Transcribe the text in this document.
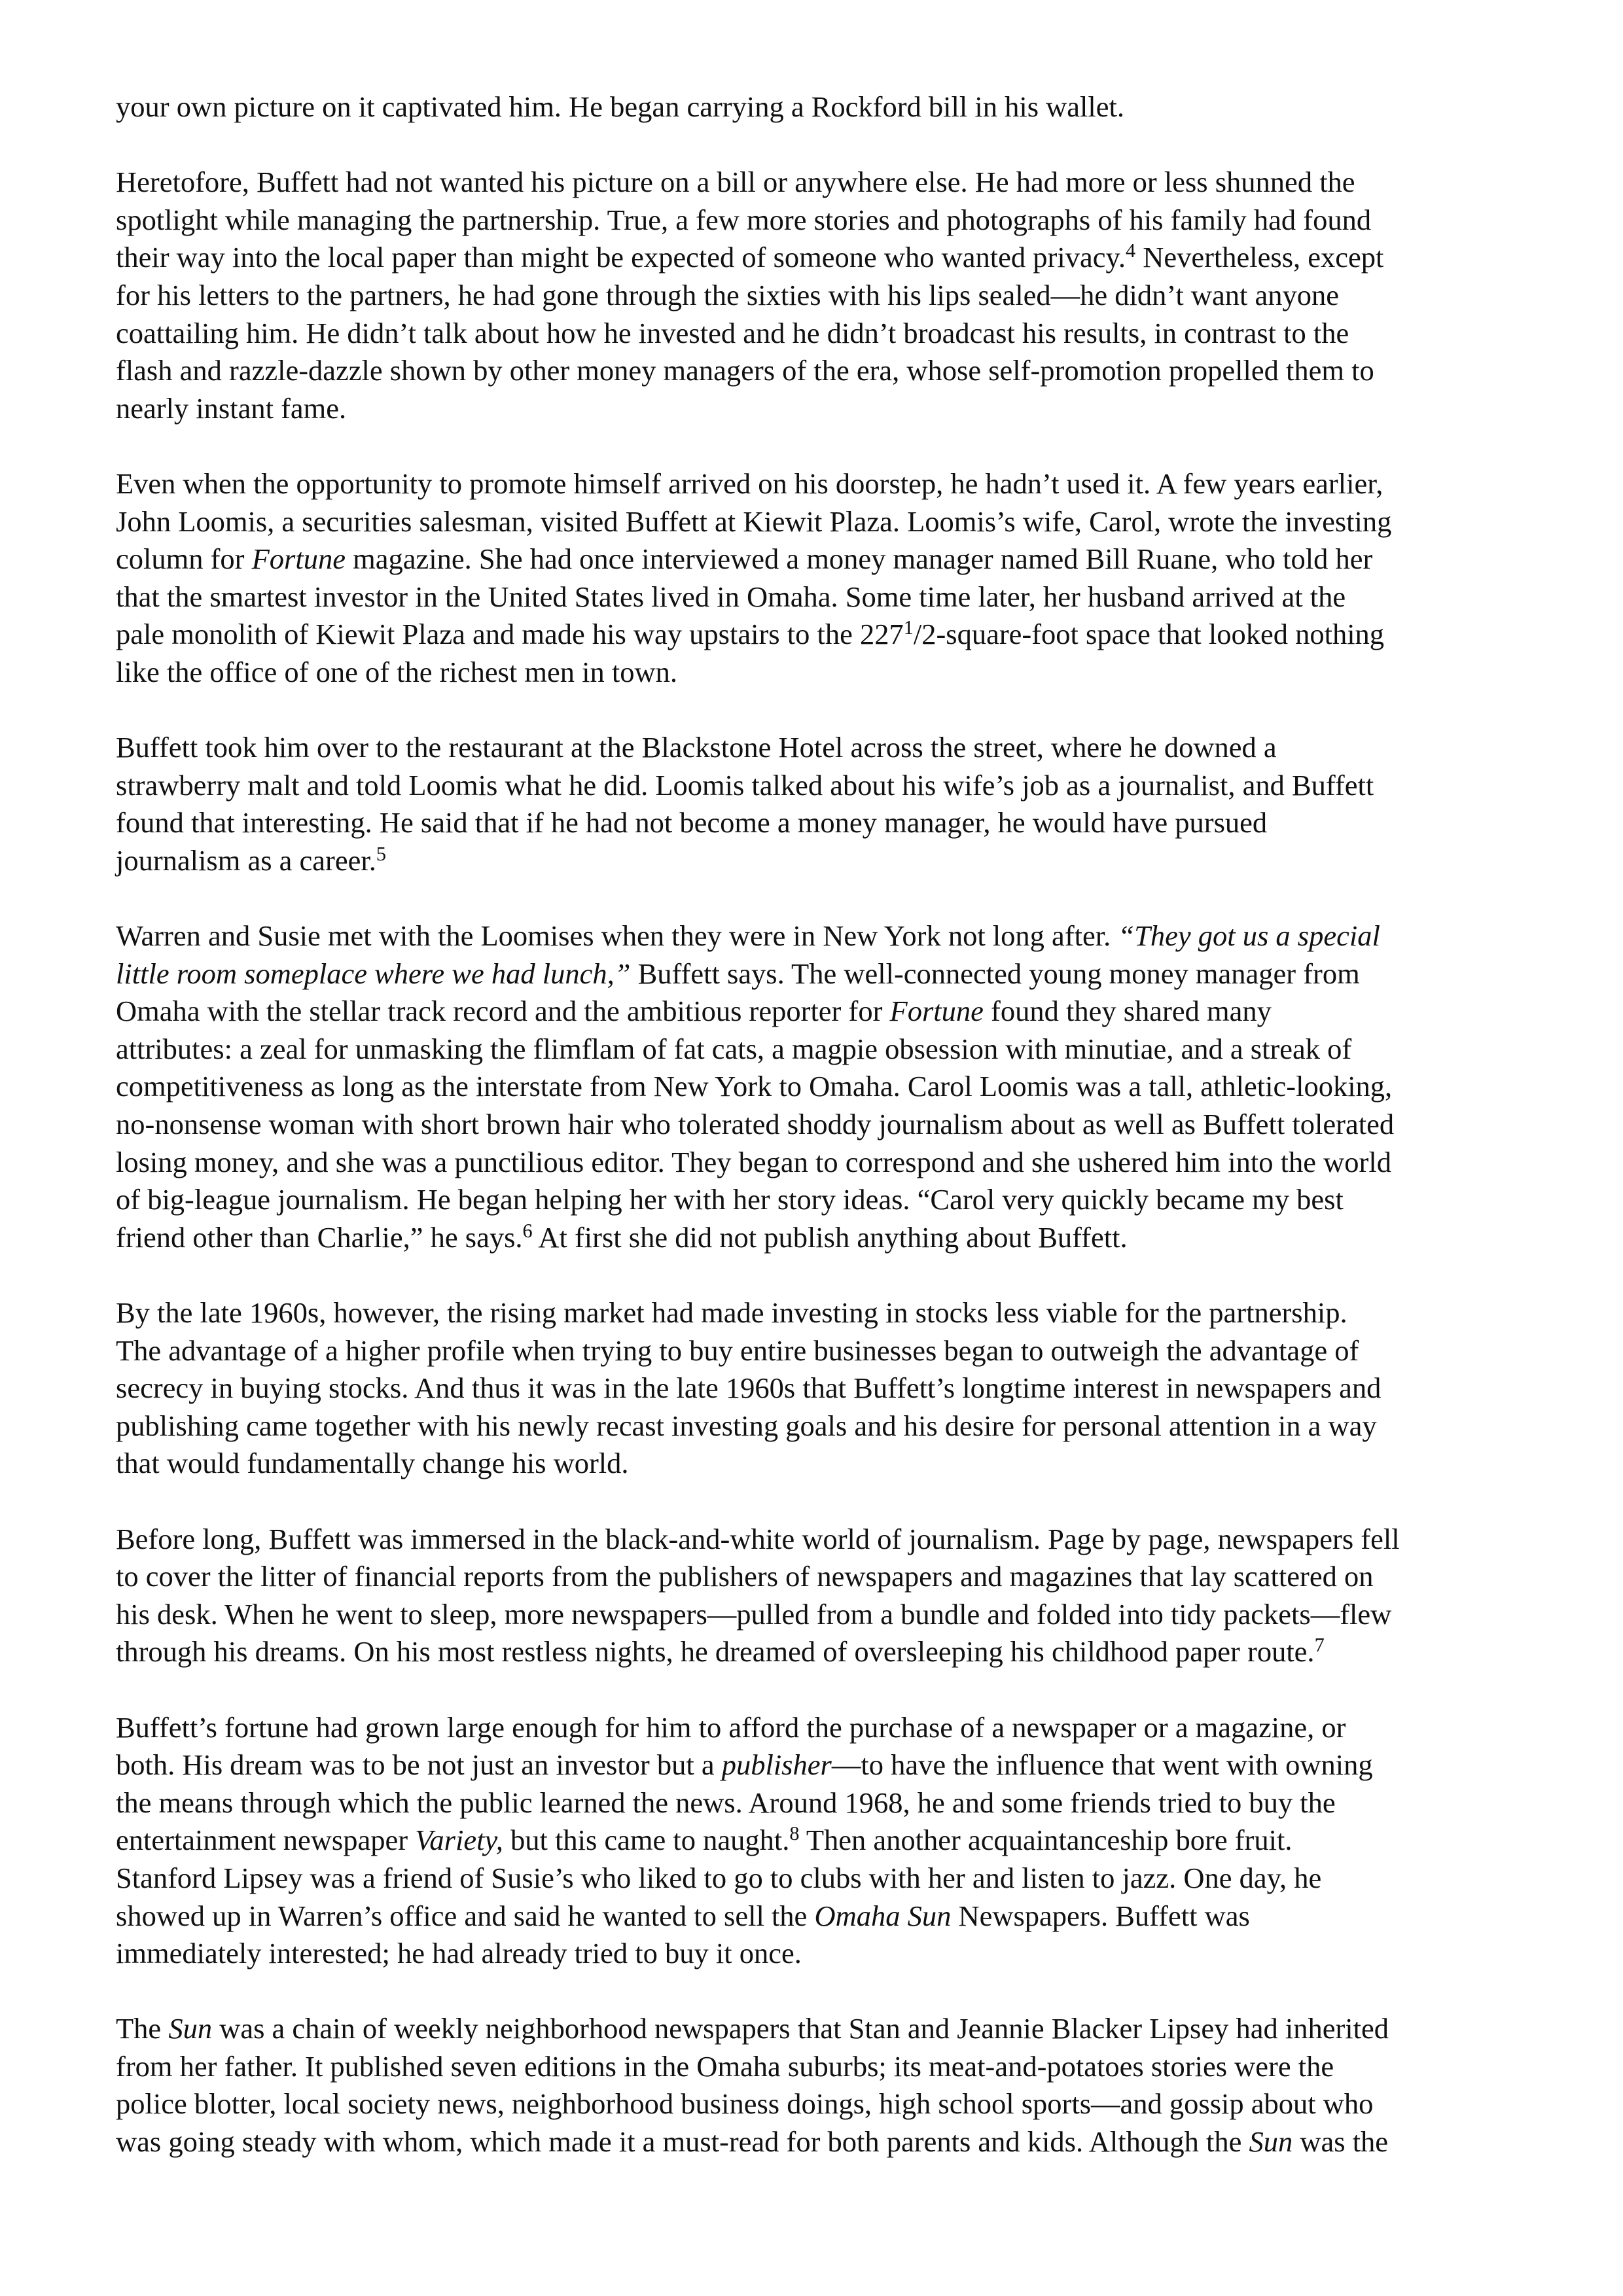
your own picture on it captivated him. He began carrying a Rockford bill in his wallet.

Heretofore, Buffett had not wanted his picture on a bill or anywhere else. He had more or less shunned the
spotlight while managing the partnership. True, a few more stories and photographs of his family had found
their way into the local paper than might be expected of someone who wanted privacy.$^4$ Nevertheless, except
for his letters to the partners, he had gone through the sixties with his lips sealed—he didn’t want anyone
coattailing him. He didn’t talk about how he invested and he didn’t broadcast his results, in contrast to the
flash and razzle-dazzle shown by other money managers of the era, whose self-promotion propelled them to
nearly instant fame.

Even when the opportunity to promote himself arrived on his doorstep, he hadn’t used it. A few years earlier,
John Loomis, a securities salesman, visited Buffett at Kiewit Plaza. Loomis’s wife, Carol, wrote the investing
column for Fortune magazine. She had once interviewed a money manager named Bill Ruane, who told her
that the smartest investor in the United States lived in Omaha. Some time later, her husband arrived at the
pale monolith of Kiewit Plaza and made his way upstairs to the $227^1/2-square$-foot space that looked nothing
like the office of one of the richest men in town.

Buffett took him over to the restaurant at the Blackstone Hotel across the street, where he downed a
strawberry malt and told Loomis what he did. Loomis talked about his wife’s job as a journalist, and Buffett
found that interesting. He said that if he had not become a money manager, he would have pursued
journalism as a career.$^5$

Warren and Susie met with the Loomises when they were in New York not long after. “They got us a special
little room someplace where we had lunch,” Buffett says. The well-connected young money manager from
Omaha with the stellar track record and the ambitious reporter for Fortune found they shared many
attributes: a zeal for unmasking the flimflam of fat cats, a magpie obsession with minutiae, and a streak of
competitiveness as long as the interstate from New York to Omaha. Carol Loomis was a tall, athletic-looking,
no-nonsense woman with short brown hair who tolerated shoddy journalism about as well as Buffett tolerated
losing money, and she was a punctilious editor. They began to correspond and she ushered him into the world
of big-league journalism. He began helping her with her story ideas. “Carol very quickly became my best
friend other than Charlie,” he says.$^6$ At first she did not publish anything about Buffett.

By the late 1960s, however, the rising market had made investing in stocks less viable for the partnership.
The advantage of a higher profile when trying to buy entire businesses began to outweigh the advantage of
secrecy in buying stocks. And thus it was in the late 1960s that Buffett’s longtime interest in newspapers and
publishing came together with his newly recast investing goals and his desire for personal attention in a way
that would fundamentally change his world.

Before long, Buffett was immersed in the black-and-white world of journalism. Page by page, newspapers fell
to cover the litter of financial reports from the publishers of newspapers and magazines that lay scattered on
his desk. When he went to sleep, more newspapers—pulled from a bundle and folded into tidy packets—flew
through his dreams. On his most restless nights, he dreamed of oversleeping his childhood paper route.$^7$

Buffett’s fortune had grown large enough for him to afford the purchase of a newspaper or a magazine, or
both. His dream was to be not just an investor but a publisher—to have the influence that went with owning
the means through which the public learned the news. Around 1968, he and some friends tried to buy the
entertainment newspaper Variety, but this came to naught.$^8$ Then another acquaintanceship bore fruit.
Stanford Lipsey was a friend of Susie’s who liked to go to clubs with her and listen to jazz. One day, he
showed up in Warren’s office and said he wanted to sell the Omaha Sun Newspapers. Buffett was
immediately interested; he had already tried to buy it once.

The Sun was a chain of weekly neighborhood newspapers that Stan and Jeannie Blacker Lipsey had inherited
from her father. It published seven editions in the Omaha suburbs; its meat-and-potatoes stories were the
police blotter, local society news, neighborhood business doings, high school sports—and gossip about who
was going steady with whom, which made it a must-read for both parents and kids. Although the Sun was the
